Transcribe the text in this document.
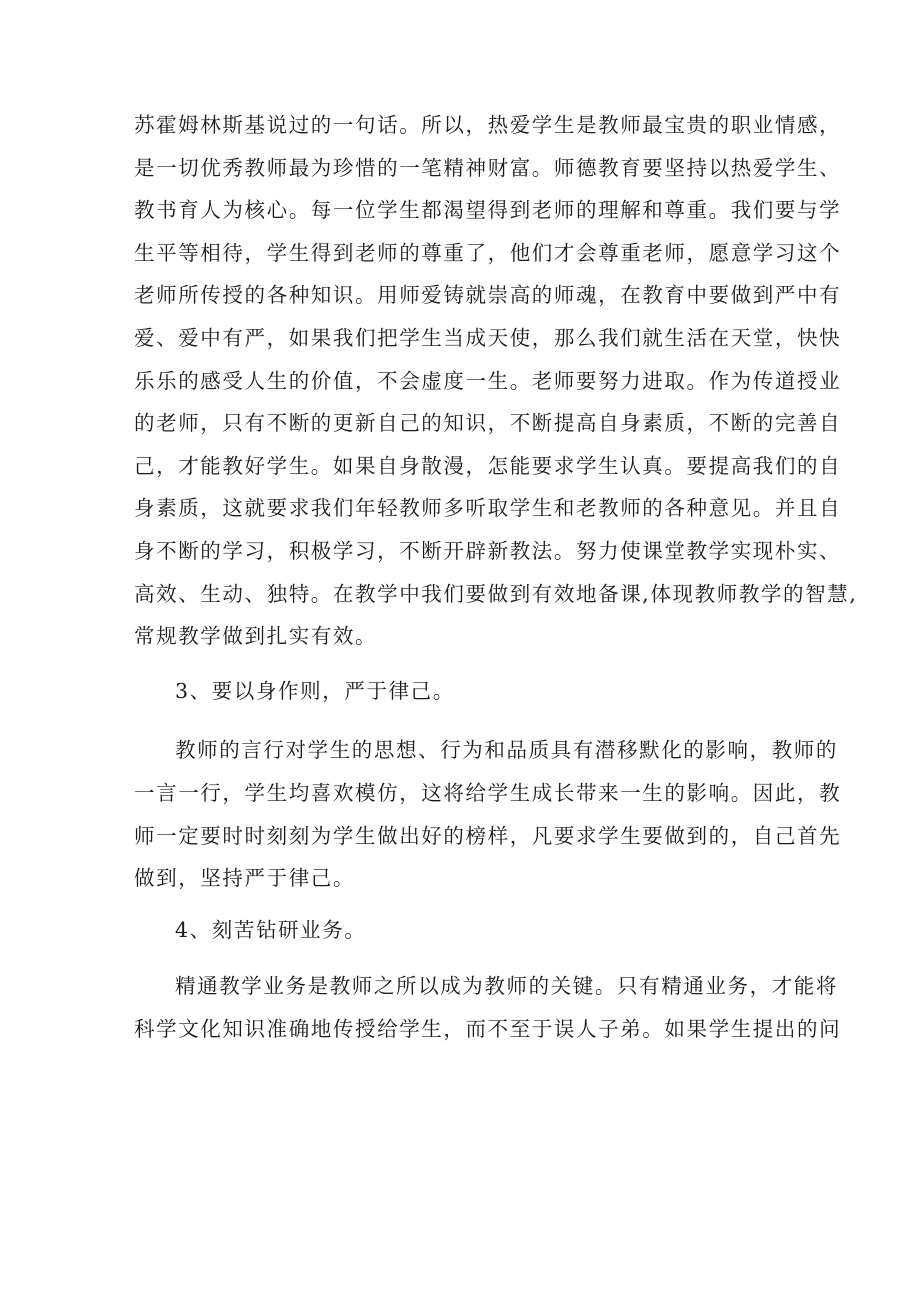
苏霍姆林斯基说过的一句话。所以，热爱学生是教师最宝贵的职业情感，
是一切优秀教师最为珍惜的一笔精神财富。师德教育要坚持以热爱学生、
教书育人为核心。每一位学生都渴望得到老师的理解和尊重。我们要与学
生平等相待，学生得到老师的尊重了，他们才会尊重老师，愿意学习这个
老师所传授的各种知识。用师爱铸就崇高的师魂，在教育中要做到严中有
爱、爱中有严，如果我们把学生当成天使，那么我们就生活在天堂，快快
乐乐的感受人生的价值，不会虚度一生。老师要努力进取。作为传道授业
的老师，只有不断的更新自己的知识，不断提高自身素质，不断的完善自
己，才能教好学生。如果自身散漫，怎能要求学生认真。要提高我们的自
身素质，这就要求我们年轻教师多听取学生和老教师的各种意见。并且自
身不断的学习，积极学习，不断开辟新教法。努力使课堂教学实现朴实、
高效、生动、独特。在教学中我们要做到有效地备课,体现教师教学的智慧,
常规教学做到扎实有效。

3、要以身作则，严于律己。

教师的言行对学生的思想、行为和品质具有潜移默化的影响，教师的
一言一行，学生均喜欢模仿，这将给学生成长带来一生的影响。因此，教
师一定要时时刻刻为学生做出好的榜样，凡要求学生要做到的，自己首先
做到，坚持严于律己。

4、刻苦钻研业务。

精通教学业务是教师之所以成为教师的关键。只有精通业务，才能将
科学文化知识准确地传授给学生，而不至于误人子弟。如果学生提出的问
